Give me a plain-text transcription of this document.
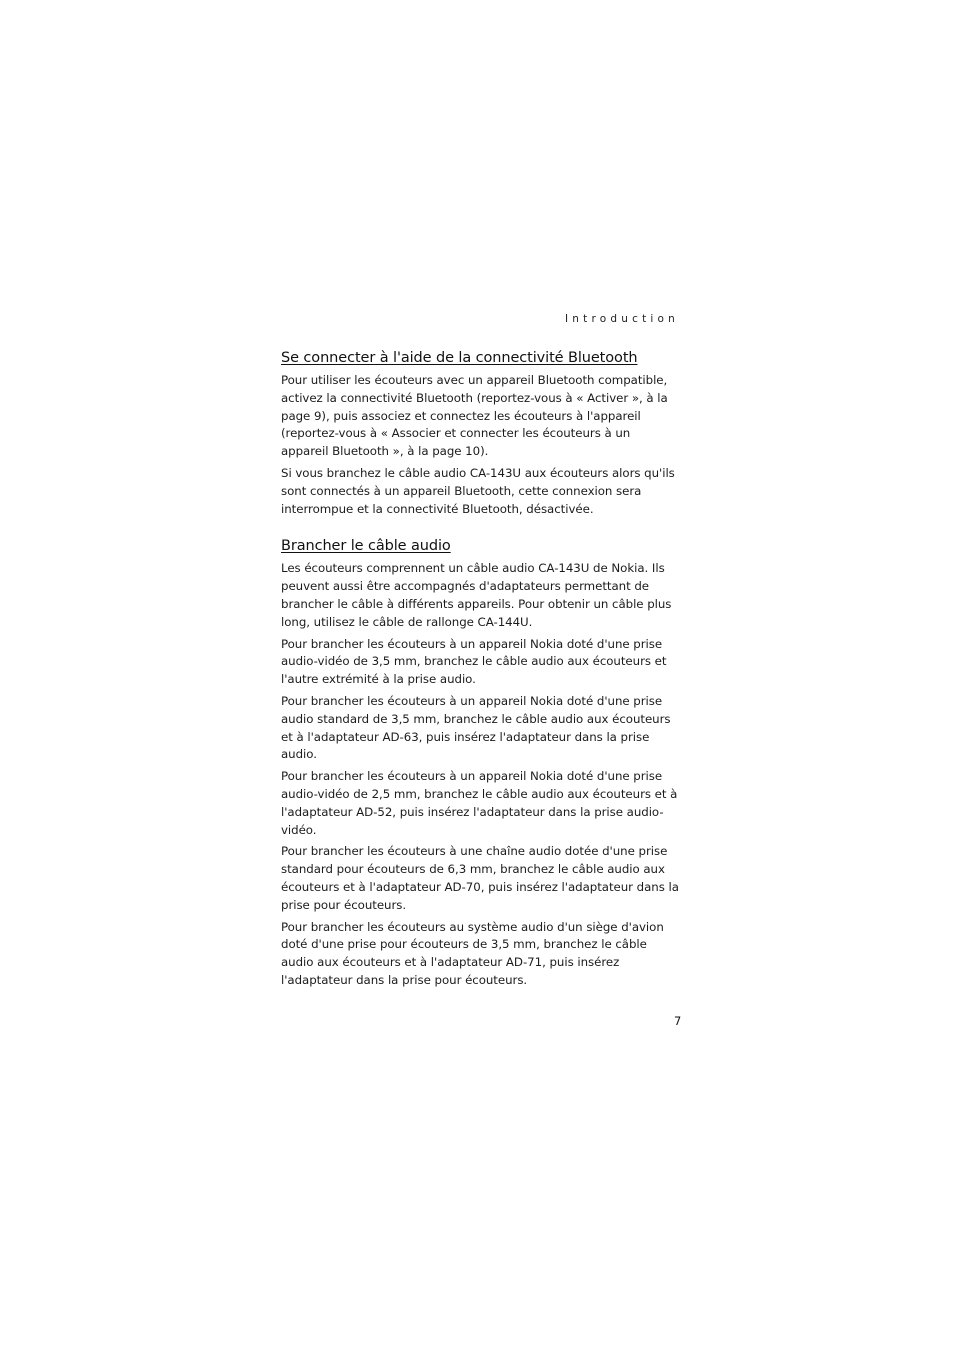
Introduction
Se connecter à l'aide de la connectivité Bluetooth

Pour utiliser les écouteurs avec un appareil Bluetooth compatible, activez la connectivité Bluetooth (reportez-vous à « Activer », à la page 9), puis associez et connectez les écouteurs à l'appareil (reportez-vous à « Associer et connecter les écouteurs à un appareil Bluetooth », à la page 10).

Si vous branchez le câble audio CA-143U aux écouteurs alors qu'ils sont connectés à un appareil Bluetooth, cette connexion sera interrompue et la connectivité Bluetooth, désactivée.

Brancher le câble audio

Les écouteurs comprennent un câble audio CA-143U de Nokia. Ils peuvent aussi être accompagnés d'adaptateurs permettant de brancher le câble à différents appareils. Pour obtenir un câble plus long, utilisez le câble de rallonge CA-144U.

Pour brancher les écouteurs à un appareil Nokia doté d'une prise audio-vidéo de 3,5 mm, branchez le câble audio aux écouteurs et l'autre extrémité à la prise audio.

Pour brancher les écouteurs à un appareil Nokia doté d'une prise audio standard de 3,5 mm, branchez le câble audio aux écouteurs et à l'adaptateur AD-63, puis insérez l'adaptateur dans la prise audio.

Pour brancher les écouteurs à un appareil Nokia doté d'une prise audio-vidéo de 2,5 mm, branchez le câble audio aux écouteurs et à l'adaptateur AD-52, puis insérez l'adaptateur dans la prise audio-vidéo.

Pour brancher les écouteurs à une chaîne audio dotée d'une prise standard pour écouteurs de 6,3 mm, branchez le câble audio aux écouteurs et à l'adaptateur AD-70, puis insérez l'adaptateur dans la prise pour écouteurs.

Pour brancher les écouteurs au système audio d'un siège d'avion doté d'une prise pour écouteurs de 3,5 mm, branchez le câble audio aux écouteurs et à l'adaptateur AD-71, puis insérez l'adaptateur dans la prise pour écouteurs.

7
